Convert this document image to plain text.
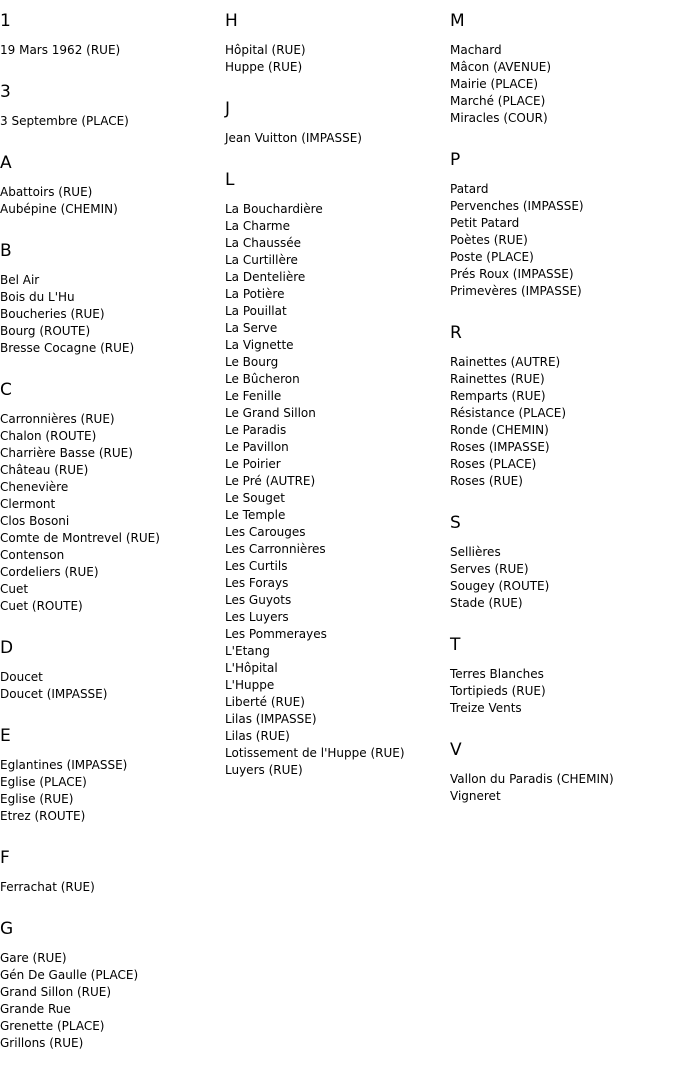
1
19 Mars 1962 (RUE)
3
3 Septembre (PLACE)
A
Abattoirs (RUE)
Aubépine (CHEMIN)
B
Bel Air
Bois du L'Hu
Boucheries (RUE)
Bourg (ROUTE)
Bresse Cocagne (RUE)
C
Carronnières (RUE)
Chalon (ROUTE)
Charrière Basse (RUE)
Château (RUE)
Chenevière
Clermont
Clos Bosoni
Comte de Montrevel (RUE)
Contenson
Cordeliers (RUE)
Cuet
Cuet (ROUTE)
D
Doucet
Doucet (IMPASSE)
E
Eglantines (IMPASSE)
Eglise (PLACE)
Eglise (RUE)
Etrez (ROUTE)
F
Ferrachat (RUE)
G
Gare (RUE)
Gén De Gaulle (PLACE)
Grand Sillon (RUE)
Grande Rue
Grenette (PLACE)
Grillons (RUE)
H
Hôpital (RUE)
Huppe (RUE)
J
Jean Vuitton (IMPASSE)
L
La Bouchardière
La Charme
La Chaussée
La Curtillère
La Dentelière
La Potière
La Pouillat
La Serve
La Vignette
Le Bourg
Le Bûcheron
Le Fenille
Le Grand Sillon
Le Paradis
Le Pavillon
Le Poirier
Le Pré (AUTRE)
Le Souget
Le Temple
Les Carouges
Les Carronnières
Les Curtils
Les Forays
Les Guyots
Les Luyers
Les Pommerayes
L'Etang
L'Hôpital
L'Huppe
Liberté (RUE)
Lilas (IMPASSE)
Lilas (RUE)
Lotissement de l'Huppe (RUE)
Luyers (RUE)
M
Machard
Mâcon (AVENUE)
Mairie (PLACE)
Marché (PLACE)
Miracles (COUR)
P
Patard
Pervenches (IMPASSE)
Petit Patard
Poètes (RUE)
Poste (PLACE)
Prés Roux (IMPASSE)
Primevères (IMPASSE)
R
Rainettes (AUTRE)
Rainettes (RUE)
Remparts (RUE)
Résistance (PLACE)
Ronde (CHEMIN)
Roses (IMPASSE)
Roses (PLACE)
Roses (RUE)
S
Sellières
Serves (RUE)
Sougey (ROUTE)
Stade (RUE)
T
Terres Blanches
Tortipieds (RUE)
Treize Vents
V
Vallon du Paradis (CHEMIN)
Vigneret
